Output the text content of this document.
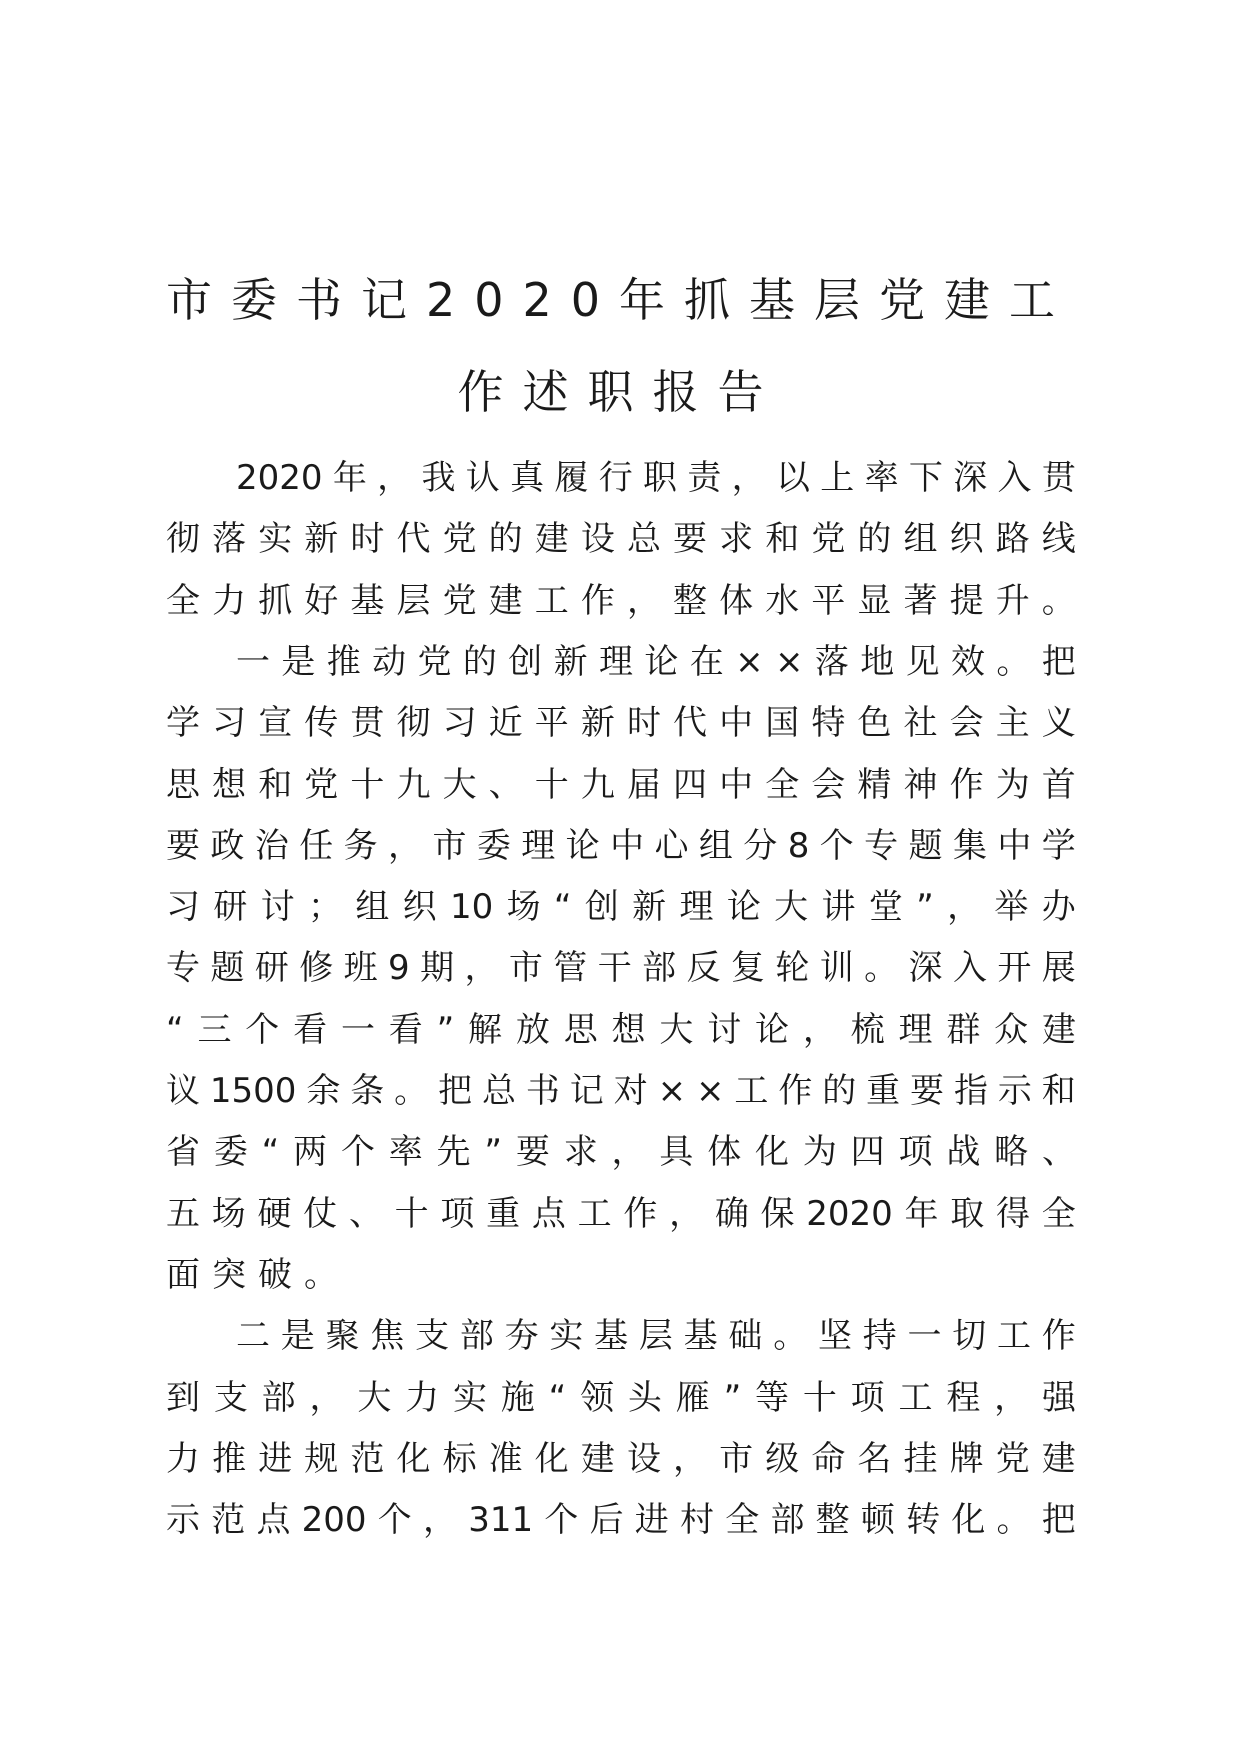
市委书记2020年抓基层党建工
作述职报告
2020 年 ， 我 认 真 履 行 职 责 ， 以 上 率 下 深 入 贯
彻 落 实 新 时 代 党 的 建 设 总 要 求 和 党 的 组 织 路 线
全 力 抓 好 基 层 党 建 工 作 ， 整 体 水 平 显 著 提 升 。
一 是 推 动 党 的 创 新 理 论 在 × × 落 地 见 效 。 把
学 习 宣 传 贯 彻 习 近 平 新 时 代 中 国 特 色 社 会 主 义
思 想 和 党 十 九 大 、 十 九 届 四 中 全 会 精 神 作 为 首
要 政 治 任 务 ， 市 委 理 论 中 心 组 分 8 个 专 题 集 中 学
习 研 讨 ； 组 织 10 场 “ 创 新 理 论 大 讲 堂 ” ， 举 办
专 题 研 修 班 9 期 ， 市 管 干 部 反 复 轮 训 。 深 入 开 展
“ 三 个 看 一 看 ” 解 放 思 想 大 讨 论 ， 梳 理 群 众 建
议 1500 余 条 。 把 总 书 记 对 × × 工 作 的 重 要 指 示 和
省 委 “ 两 个 率 先 ” 要 求 ， 具 体 化 为 四 项 战 略 、
五 场 硬 仗 、 十 项 重 点 工 作 ， 确 保 2020 年 取 得 全
面 突 破 。
二 是 聚 焦 支 部 夯 实 基 层 基 础 。 坚 持 一 切 工 作
到 支 部 ， 大 力 实 施 “ 领 头 雁 ” 等 十 项 工 程 ， 强
力 推 进 规 范 化 标 准 化 建 设 ， 市 级 命 名 挂 牌 党 建
示 范 点 200 个 ， 311 个 后 进 村 全 部 整 顿 转 化 。 把
